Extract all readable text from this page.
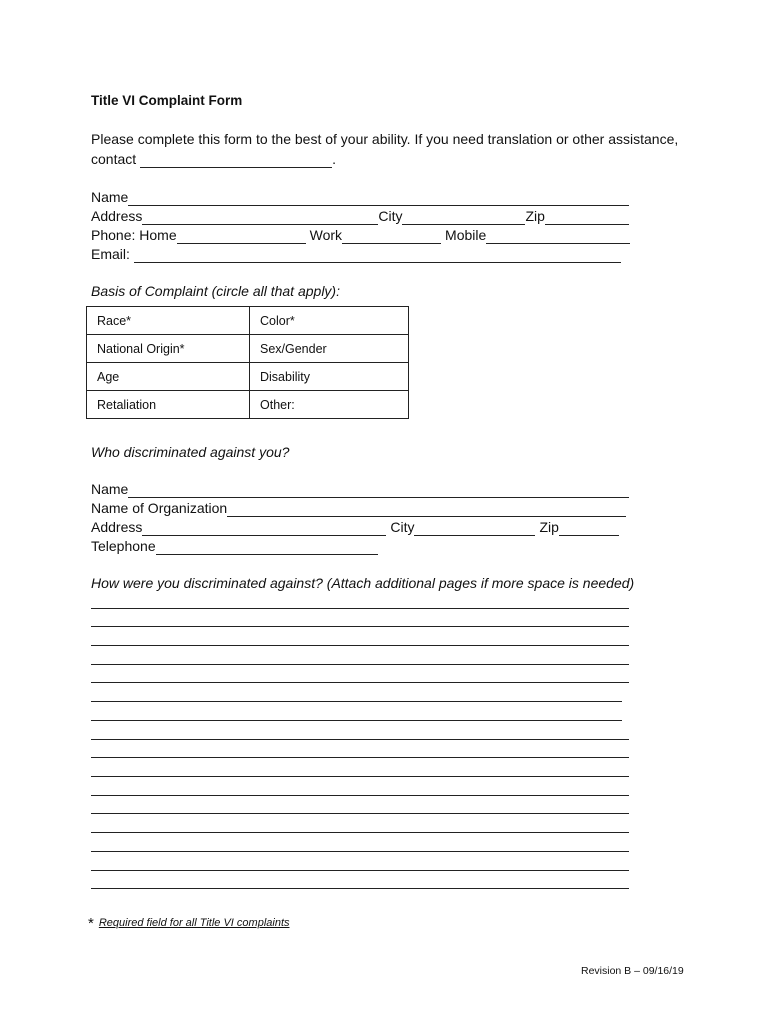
Title VI Complaint Form
Please complete this form to the best of your ability. If you need translation or other assistance,
contact	.
Name
Address	City	Zip
Phone: Home	Work	Mobile
Email:
Basis of Complaint (circle all that apply):
Race*	Color*
National Origin*	Sex/Gender
Age	Disability
Retaliation	Other:
Who discriminated against you?
Name
Name of Organization
Address	City	Zip
Telephone
How were you discriminated against? (Attach additional pages if more space is needed)
* Required field for all Title VI complaints
Revision B – 09/16/19
